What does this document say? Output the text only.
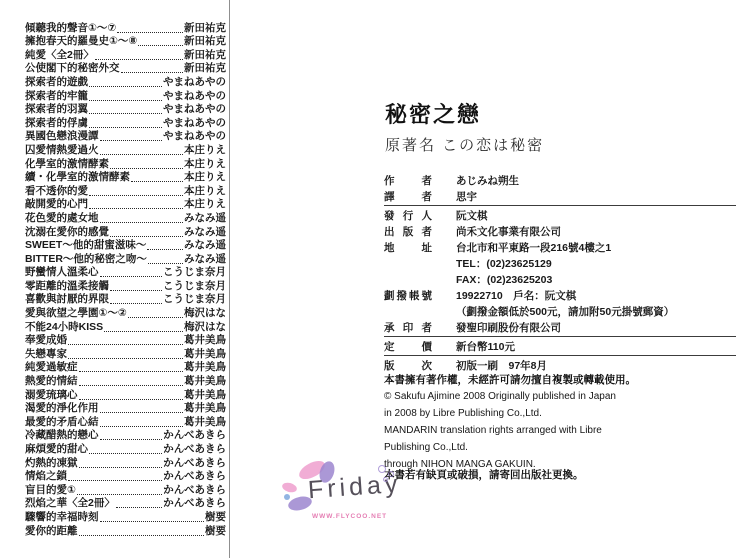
傾聽我的聲音①～⑦	新田祐克
擁抱春天的羅曼史①～⑧	新田祐克
純愛〈全2冊〉	新田祐克
公使閣下的秘密外交	新田祐克
探索者的遊戲	やまねあやの
探索者的牢籠	やまねあやの
探索者的羽翼	やまねあやの
探索者的俘虜	やまねあやの
異國色戀浪漫譚	やまねあやの
囚愛情熱愛過火	本庄りえ
化學室的激情酵素	本庄りえ
續・化學室的激情酵素	本庄りえ
看不透你的愛	本庄りえ
敲開愛的心門	本庄りえ
花色愛的處女地	みなみ遥
沈溺在愛你的感覺	みなみ遥
SWEET～他的甜蜜滋味～	みなみ遥
BITTER～他的秘密之吻～	みなみ遥
野蠻情人溫柔心	こうじま奈月
零距離的溫柔接觸	こうじま奈月
喜歡與討厭的界限	こうじま奈月
愛與欲望之學園①～②	梅沢はな
不能24小時KISS	梅沢はな
奉愛成婚	葛井美鳥
失戀專家	葛井美鳥
純愛過敏症	葛井美鳥
熱愛的情結	葛井美鳥
溺愛琉璃心	葛井美鳥
渴愛的淨化作用	葛井美鳥
最愛的矛盾心結	葛井美鳥
冷藏醋熱的戀心	かんべあきら
麻煩愛的甜心	かんべあきら
灼熱的凍獄	かんべあきら
情焰之鎖	かんべあきら
盲目的愛①	かんべあきら
烈焰之華〈全2冊〉	かんべあきら
驟響的幸福時刻	樹要
愛你的距離	樹要
秘密之戀
原著名 この恋は秘密
作	者 あじみね朔生
譯	者 思宇
發 行 人 阮文棋
出 版 者 尚禾文化事業有限公司
地	址 台北市和平東路一段216號4樓之1
TEL：(02)23625129
FAX：(02)23625203
劃 撥 帳 號 19922710　戶名：阮文棋
（劃撥金額低於500元，請加附50元掛號郵資）
承 印 者 發聖印刷股份有限公司
定	價 新台幣110元
版	次 初版一刷　97年8月
本書擁有著作權，未經許可請勿擅自複製或轉載使用。
© Sakufu Ajimine 2008 Originally published in Japan
in 2008 by Libre Publishing Co.,Ltd.
MANDARIN translation rights arranged with Libre
Publishing Co.,Ltd.
through NIHON MANGA GAKUIN.
本書若有缺頁或破損，請寄回出版社更換。
Friday
WWW.FLYCOO.NET
